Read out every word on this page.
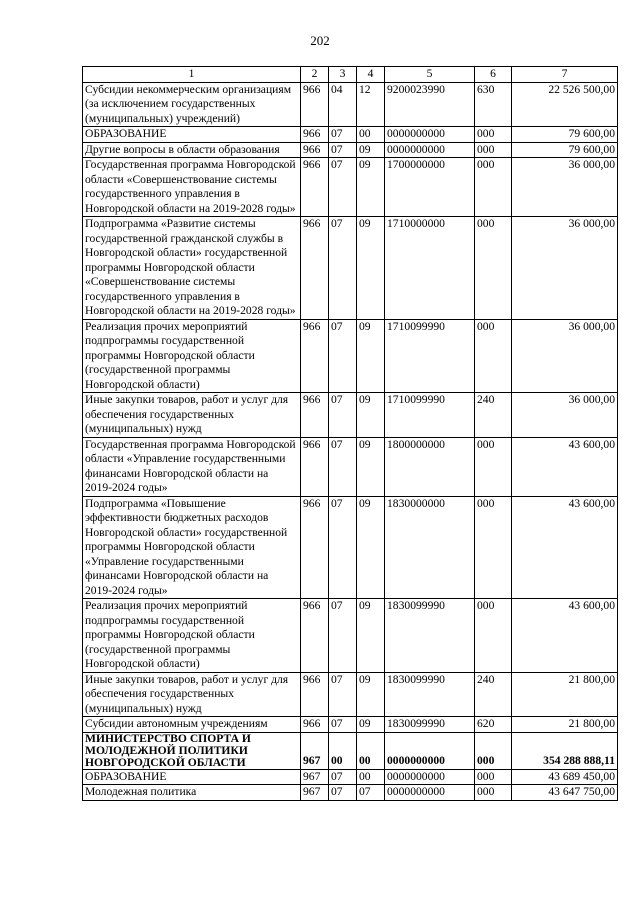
202
1	2	3	4	5	6	7
Субсидии некоммерческим организациям (за исключением государственных (муниципальных) учреждений)	966	04	12	9200023990	630	22 526 500,00
ОБРАЗОВАНИЕ	966	07	00	0000000000	000	79 600,00
Другие вопросы в области образования	966	07	09	0000000000	000	79 600,00
Государственная программа Новгородской области «Совершенствование системы государственного управления в Новгородской области на 2019-2028 годы»	966	07	09	1700000000	000	36 000,00
Подпрограмма «Развитие системы государственной гражданской службы в Новгородской области» государственной программы Новгородской области «Совершенствование системы государственного управления в Новгородской области на 2019-2028 годы»	966	07	09	1710000000	000	36 000,00
Реализация прочих мероприятий подпрограммы государственной программы Новгородской области (государственной программы Новгородской области)	966	07	09	1710099990	000	36 000,00
Иные закупки товаров, работ и услуг для обеспечения государственных (муниципальных) нужд	966	07	09	1710099990	240	36 000,00
Государственная программа Новгородской области «Управление государственными финансами Новгородской области на 2019-2024 годы»	966	07	09	1800000000	000	43 600,00
Подпрограмма «Повышение эффективности бюджетных расходов Новгородской области» государственной программы Новгородской области «Управление государственными финансами Новгородской области на 2019-2024 годы»	966	07	09	1830000000	000	43 600,00
Реализация прочих мероприятий подпрограммы государственной программы Новгородской области (государственной программы Новгородской области)	966	07	09	1830099990	000	43 600,00
Иные закупки товаров, работ и услуг для обеспечения государственных (муниципальных) нужд	966	07	09	1830099990	240	21 800,00
Субсидии автономным учреждениям	966	07	09	1830099990	620	21 800,00
МИНИСТЕРСТВО СПОРТА И МОЛОДЕЖНОЙ ПОЛИТИКИ НОВГОРОДСКОЙ ОБЛАСТИ	967	00	00	0000000000	000	354 288 888,11
ОБРАЗОВАНИЕ	967	07	00	0000000000	000	43 689 450,00
Молодежная политика	967	07	07	0000000000	000	43 647 750,00
